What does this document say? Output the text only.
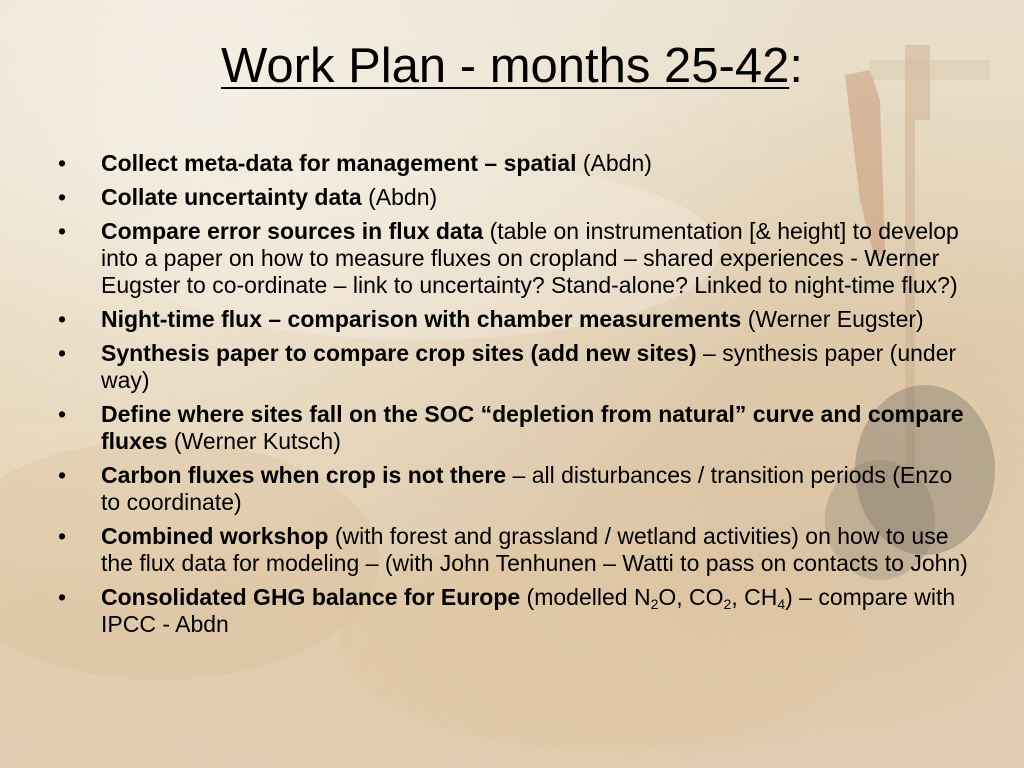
Work Plan - months 25-42:
•	Collect meta-data for management – spatial (Abdn)
•	Collate uncertainty data (Abdn)
•	Compare error sources in flux data (table on instrumentation [& height] to develop into a paper on how to measure fluxes on cropland – shared experiences - Werner Eugster to co-ordinate – link to uncertainty? Stand-alone? Linked to night-time flux?)
•	Night-time flux – comparison with chamber measurements (Werner Eugster)
•	Synthesis paper to compare crop sites (add new sites) – synthesis paper (under way)
•	Define where sites fall on the SOC “depletion from natural” curve and compare fluxes (Werner Kutsch)
•	Carbon fluxes when crop is not there – all disturbances / transition periods (Enzo to coordinate)
•	Combined workshop (with forest and grassland / wetland activities) on how to use the flux data for modeling – (with John Tenhunen – Watti to pass on contacts to John)
•	Consolidated GHG balance for Europe (modelled $N_2O$, $CO_2$, $CH_4$) – compare with IPCC - Abdn
